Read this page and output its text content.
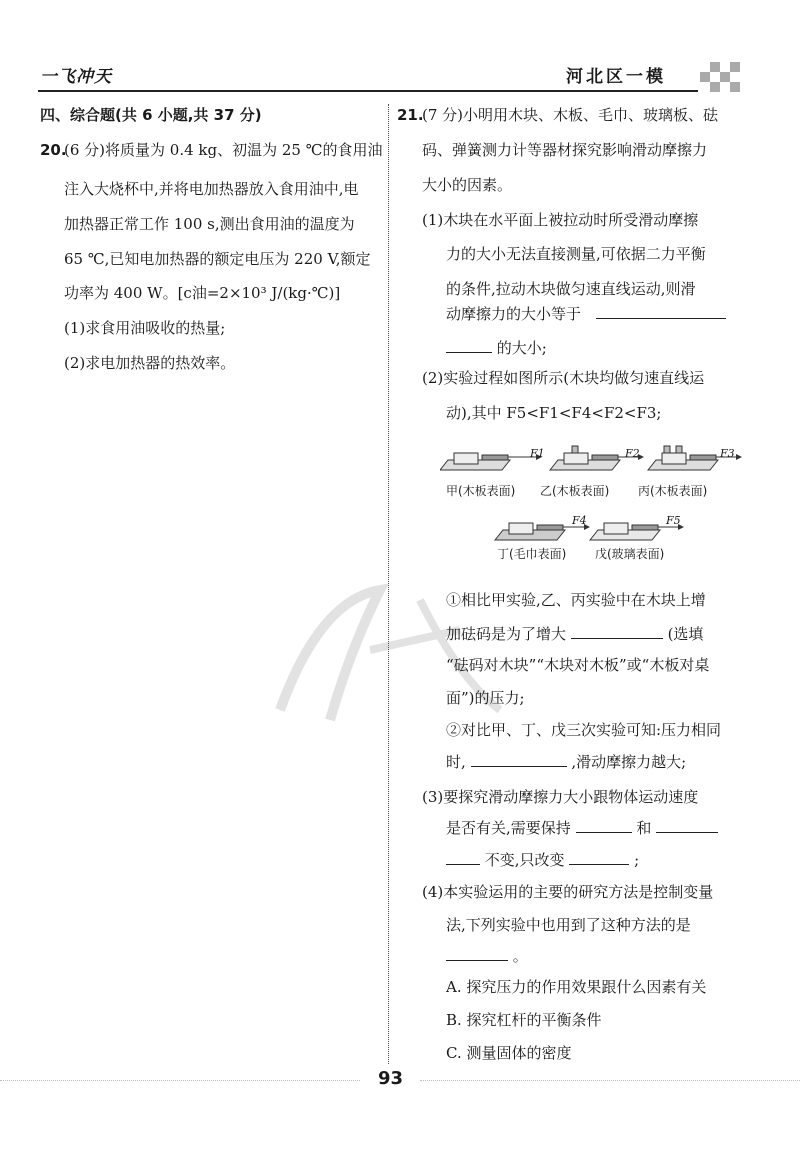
一飞冲天	河北区一模
四、综合题(共 6 小题,共 37 分)
20.
(6 分)将质量为 0.4 kg、初温为 25 ℃的食用油
注入大烧杯中,并将电加热器放入食用油中,电
加热器正常工作 100 s,测出食用油的温度为
65 ℃,已知电加热器的额定电压为 220 V,额定
功率为 400 W。[c油=2×10³ J/(kg·℃)]
(1)求食用油吸收的热量;
(2)求电加热器的热效率。
21.
(7 分)小明用木块、木板、毛巾、玻璃板、砝
码、弹簧测力计等器材探究影响滑动摩擦力
大小的因素。
(1)木块在水平面上被拉动时所受滑动摩擦
力的大小无法直接测量,可依据二力平衡
的条件,拉动木块做匀速直线运动,则滑
动摩擦力的大小等于
的大小;
(2)实验过程如图所示(木块均做匀速直线运
动),其中 F5<F1<F4<F2<F3;
F1	F2	F3
F4	F5
甲(木板表面) 乙(木板表面) 丙(木板表面)
丁(毛巾表面) 戊(玻璃表面)
①相比甲实验,乙、丙实验中在木块上增
加砝码是为了增大	(选填
“砝码对木块”“木块对木板”或“木板对桌
面”)的压力;
②对比甲、丁、戊三次实验可知:压力相同
时,	,滑动摩擦力越大;
(3)要探究滑动摩擦力大小跟物体运动速度
是否有关,需要保持	和
不变,只改变	;
(4)本实验运用的主要的研究方法是控制变量
法,下列实验中也用到了这种方法的是
。
A. 探究压力的作用效果跟什么因素有关
B. 探究杠杆的平衡条件
C. 测量固体的密度
93
